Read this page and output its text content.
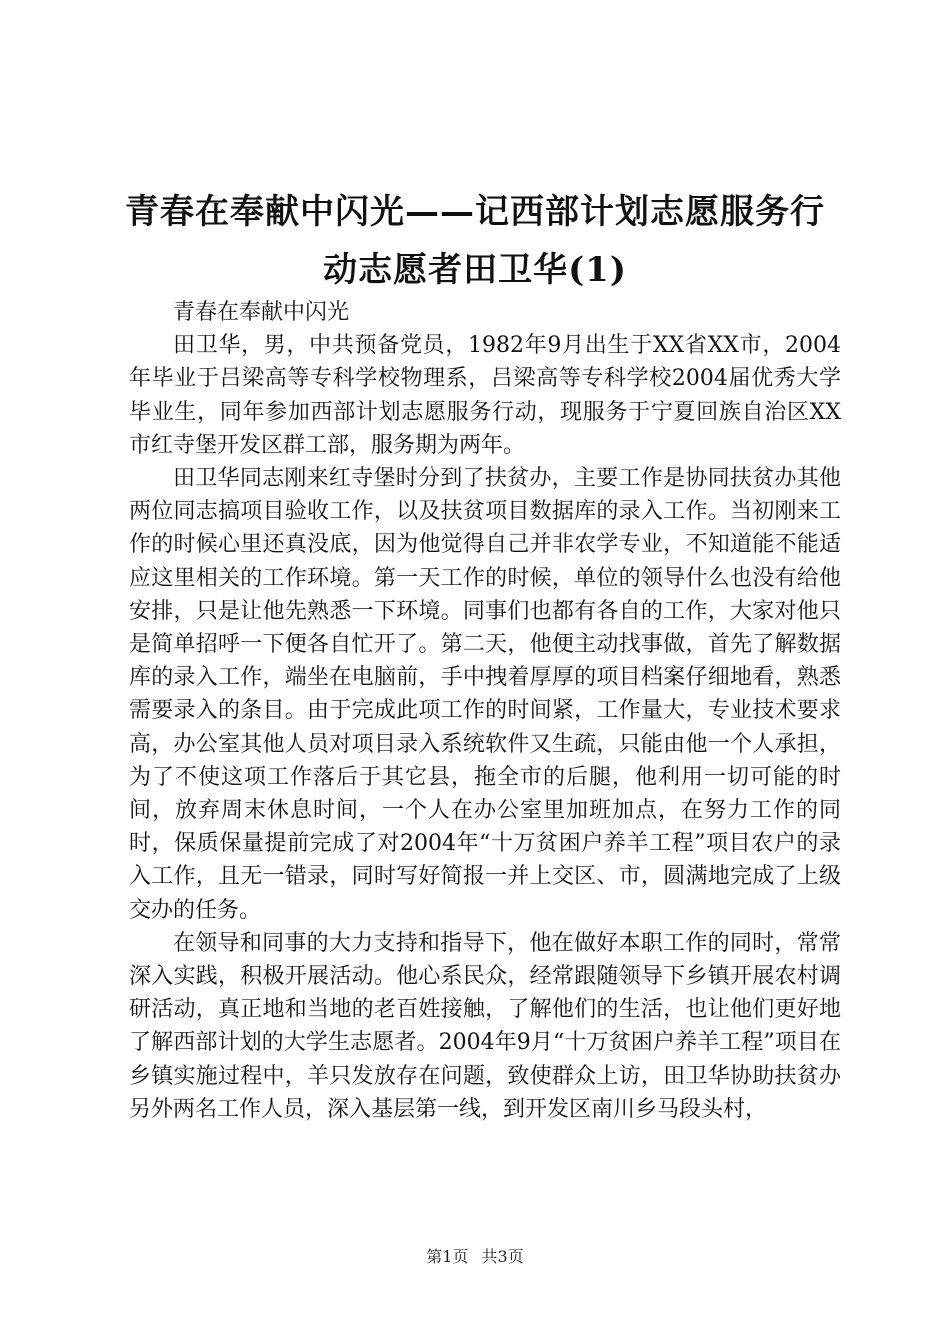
青春在奉献中闪光——记西部计划志愿服务行
动志愿者田卫华(1)

青春在奉献中闪光

田卫华，男，中共预备党员，1982年9月出生于XX省XX市，2004年毕业于吕梁高等专科学校物理系，吕梁高等专科学校2004届优秀大学毕业生，同年参加西部计划志愿服务行动，现服务于宁夏回族自治区XX市红寺堡开发区群工部，服务期为两年。

田卫华同志刚来红寺堡时分到了扶贫办，主要工作是协同扶贫办其他两位同志搞项目验收工作，以及扶贫项目数据库的录入工作。当初刚来工作的时候心里还真没底，因为他觉得自己并非农学专业，不知道能不能适应这里相关的工作环境。第一天工作的时候，单位的领导什么也没有给他安排，只是让他先熟悉一下环境。同事们也都有各自的工作，大家对他只是简单招呼一下便各自忙开了。第二天，他便主动找事做，首先了解数据库的录入工作，端坐在电脑前，手中拽着厚厚的项目档案仔细地看，熟悉需要录入的条目。由于完成此项工作的时间紧，工作量大，专业技术要求高，办公室其他人员对项目录入系统软件又生疏，只能由他一个人承担，为了不使这项工作落后于其它县，拖全市的后腿，他利用一切可能的时间，放弃周末休息时间，一个人在办公室里加班加点，在努力工作的同时，保质保量提前完成了对2004年“十万贫困户养羊工程”项目农户的录入工作，且无一错录，同时写好简报一并上交区、市，圆满地完成了上级交办的任务。

在领导和同事的大力支持和指导下，他在做好本职工作的同时，常常深入实践，积极开展活动。他心系民众，经常跟随领导下乡镇开展农村调研活动，真正地和当地的老百姓接触，了解他们的生活，也让他们更好地了解西部计划的大学生志愿者。2004年9月“十万贫困户养羊工程”项目在乡镇实施过程中，羊只发放存在问题，致使群众上访，田卫华协助扶贫办另外两名工作人员，深入基层第一线，到开发区南川乡马段头村，

第1页 共3页
